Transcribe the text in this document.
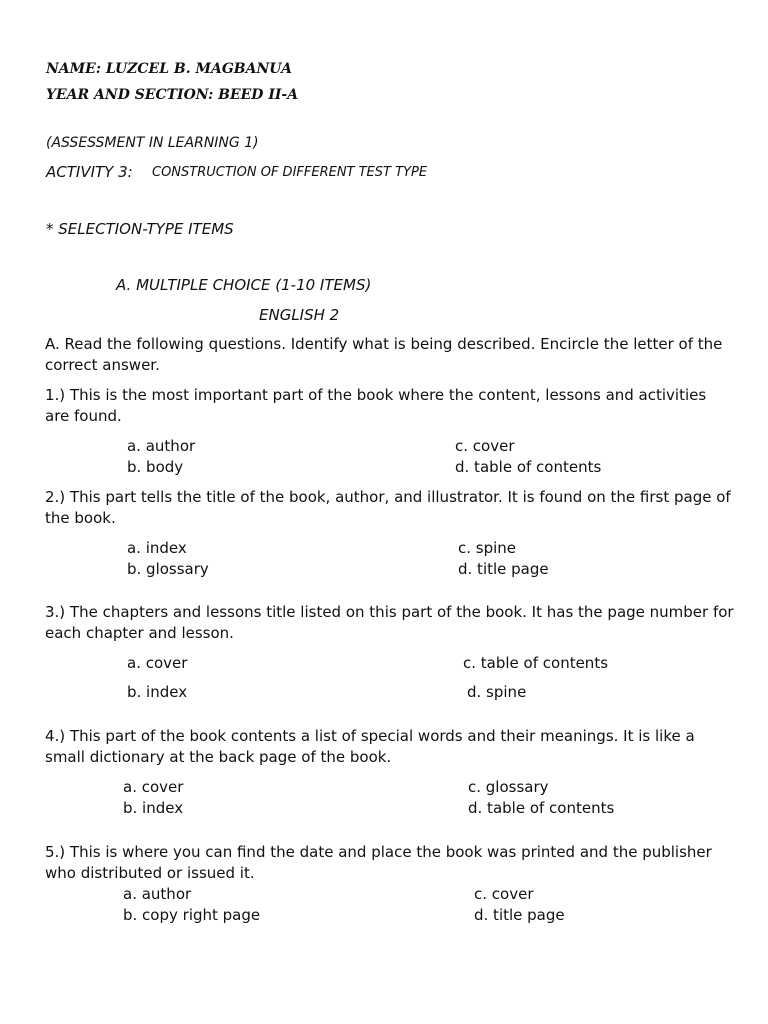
NAME: LUZCEL B. MAGBANUA
YEAR AND SECTION: BEED II-A
(ASSESSMENT IN LEARNING 1)
ACTIVITY 3: CONSTRUCTION OF DIFFERENT TEST TYPE
* SELECTION-TYPE ITEMS
A. MULTIPLE CHOICE (1-10 ITEMS)
ENGLISH 2
A. Read the following questions. Identify what is being described. Encircle the letter of the correct answer.
1.) This is the most important part of the book where the content, lessons and activities are found.
a. author
b. body
c. cover
d. table of contents
2.) This part tells the title of the book, author, and illustrator. It is found on the first page of the book.
a. index
b. glossary
c. spine
d. title page
3.) The chapters and lessons title listed on this part of the book. It has the page number for each chapter and lesson.
a. cover
b. index
c. table of contents
d. spine
4.) This part of the book contents a list of special words and their meanings. It is like a small dictionary at the back page of the book.
a. cover
b. index
c. glossary
d. table of contents
5.) This is where you can find the date and place the book was printed and the publisher who distributed or issued it.
a. author
b. copy right page
c. cover
d. title page
